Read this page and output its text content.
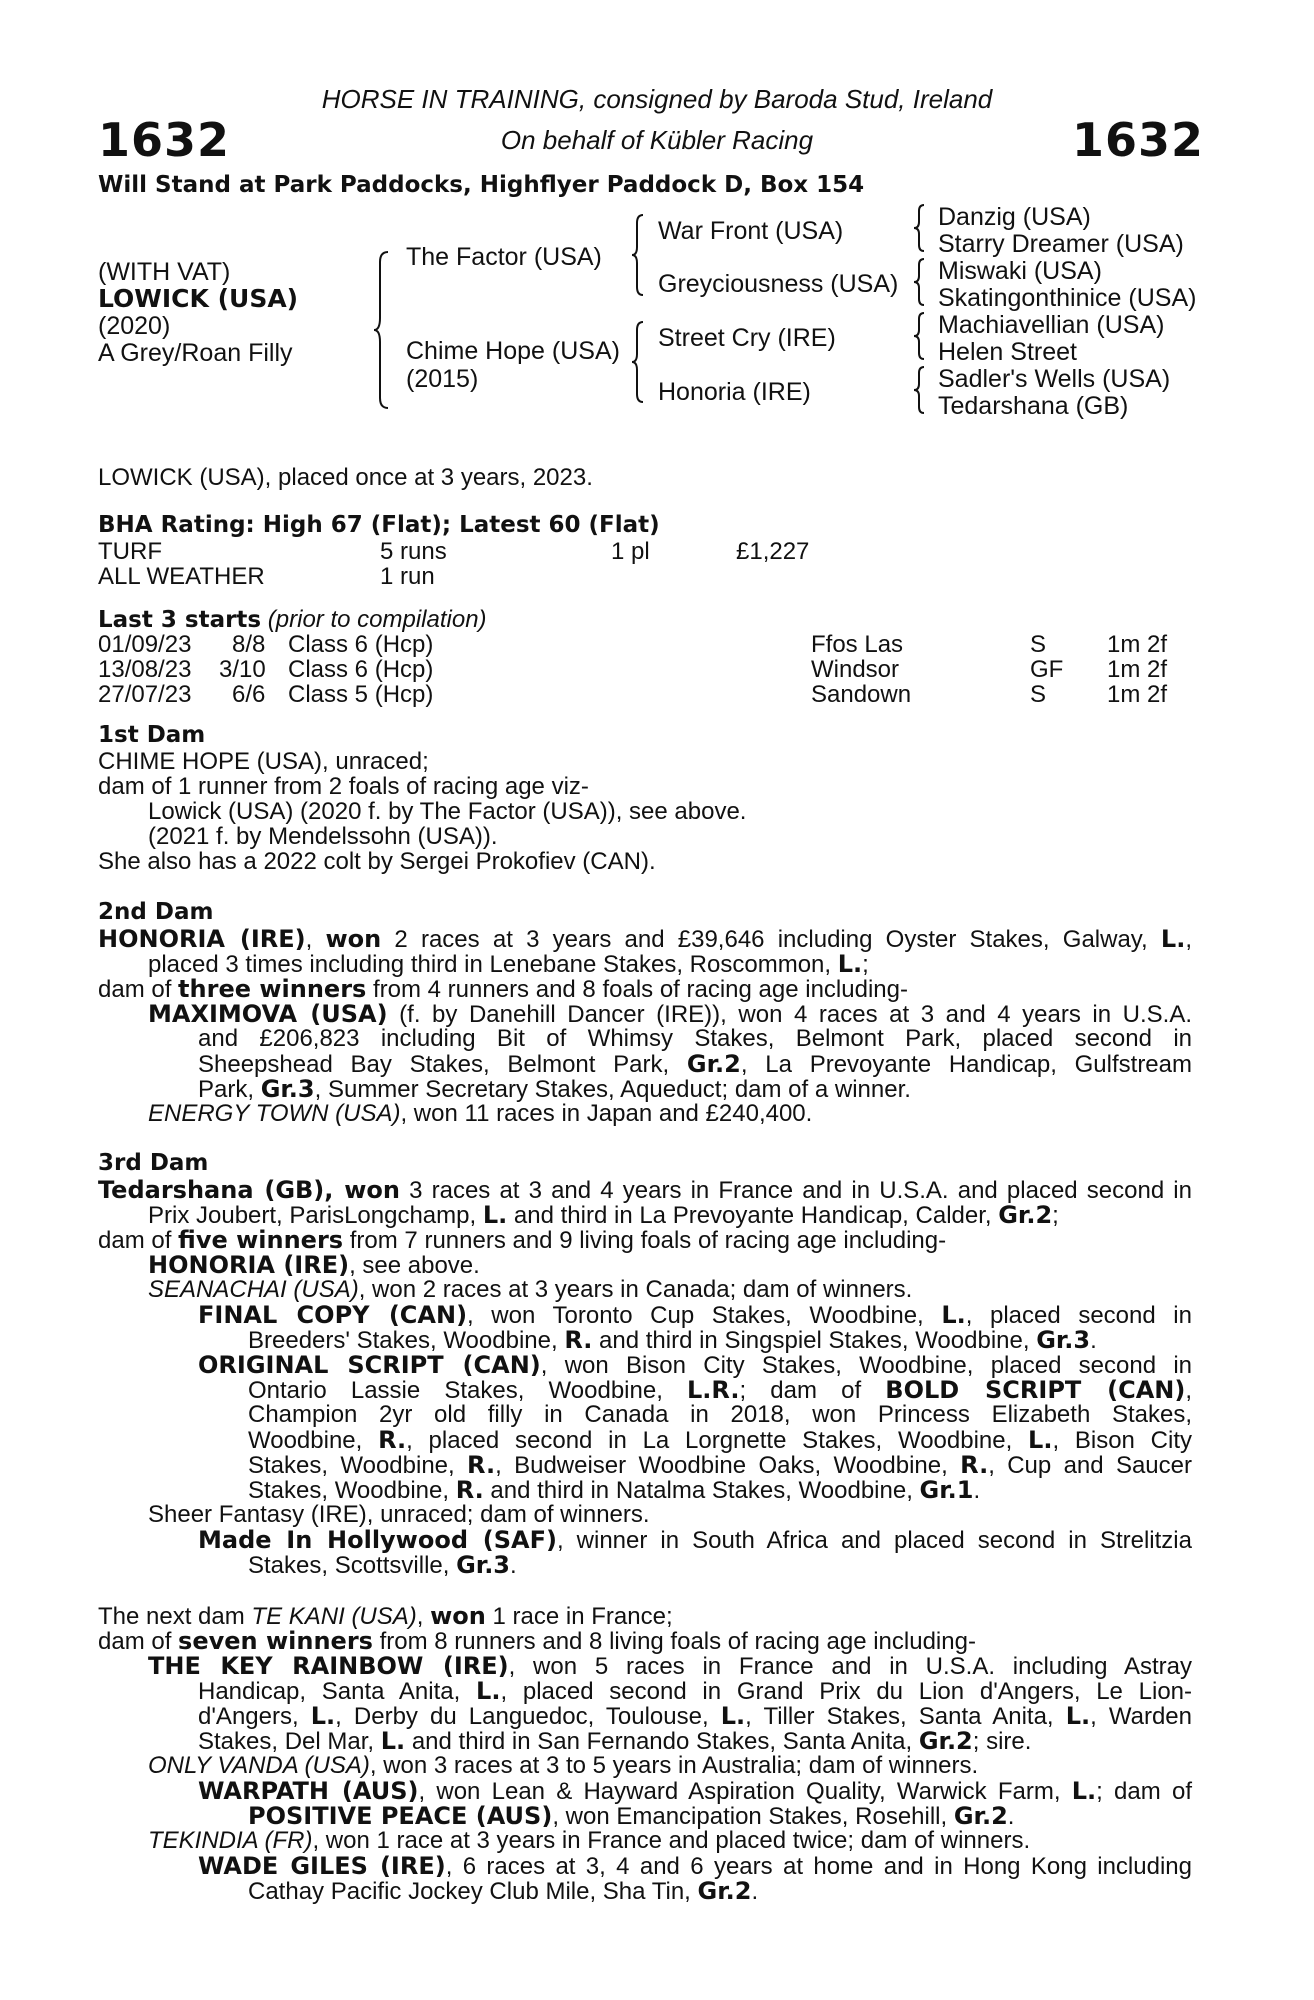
1632	1632
HORSE IN TRAINING, consigned by Baroda Stud, Ireland
On behalf of Kübler Racing
Will Stand at Park Paddocks, Highflyer Paddock D, Box 154
(WITH VAT)
LOWICK (USA)
(2020)
A Grey/Roan Filly
The Factor (USA)
Chime Hope (USA)
(2015)
War Front (USA)
Greyciousness (USA)
Street Cry (IRE)
Honoria (IRE)
Danzig (USA)
Starry Dreamer (USA)
Miswaki (USA)
Skatingonthinice (USA)
Machiavellian (USA)
Helen Street
Sadler's Wells (USA)
Tedarshana (GB)
LOWICK (USA), placed once at 3 years, 2023.
BHA Rating: High 67 (Flat); Latest 60 (Flat)
TURF	5 runs	1 pl	£1,227
ALL WEATHER	1 run
Last 3 starts (prior to compilation)
01/09/23 8/8 Class 6 (Hcp)	Ffos Las	S	1m 2f
13/08/23 3/10 Class 6 (Hcp)	Windsor	GF 1m 2f
27/07/23 6/6 Class 5 (Hcp)	Sandown	S	1m 2f
1st Dam
CHIME HOPE (USA), unraced;
dam of 1 runner from 2 foals of racing age viz-
Lowick (USA) (2020 f. by The Factor (USA)), see above.
(2021 f. by Mendelssohn (USA)).
She also has a 2022 colt by Sergei Prokofiev (CAN).
2nd Dam
HONORIA (IRE), won 2 races at 3 years and £39,646 including Oyster Stakes, Galway, L.,
placed 3 times including third in Lenebane Stakes, Roscommon, L.;
dam of three winners from 4 runners and 8 foals of racing age including-
MAXIMOVA (USA) (f. by Danehill Dancer (IRE)), won 4 races at 3 and 4 years in U.S.A.
and £206,823 including Bit of Whimsy Stakes, Belmont Park, placed second in
Sheepshead Bay Stakes, Belmont Park, Gr.2, La Prevoyante Handicap, Gulfstream
Park, Gr.3, Summer Secretary Stakes, Aqueduct; dam of a winner.
ENERGY TOWN (USA), won 11 races in Japan and £240,400.
3rd Dam
Tedarshana (GB), won 3 races at 3 and 4 years in France and in U.S.A. and placed second in
Prix Joubert, ParisLongchamp, L. and third in La Prevoyante Handicap, Calder, Gr.2;
dam of five winners from 7 runners and 9 living foals of racing age including-
HONORIA (IRE), see above.
SEANACHAI (USA), won 2 races at 3 years in Canada; dam of winners.
FINAL COPY (CAN), won Toronto Cup Stakes, Woodbine, L., placed second in
Breeders' Stakes, Woodbine, R. and third in Singspiel Stakes, Woodbine, Gr.3.
ORIGINAL SCRIPT (CAN), won Bison City Stakes, Woodbine, placed second in
Ontario Lassie Stakes, Woodbine, L.R.; dam of BOLD SCRIPT (CAN),
Champion 2yr old filly in Canada in 2018, won Princess Elizabeth Stakes,
Woodbine, R., placed second in La Lorgnette Stakes, Woodbine, L., Bison City
Stakes, Woodbine, R., Budweiser Woodbine Oaks, Woodbine, R., Cup and Saucer
Stakes, Woodbine, R. and third in Natalma Stakes, Woodbine, Gr.1.
Sheer Fantasy (IRE), unraced; dam of winners.
Made In Hollywood (SAF), winner in South Africa and placed second in Strelitzia
Stakes, Scottsville, Gr.3.
The next dam TE KANI (USA), won 1 race in France;
dam of seven winners from 8 runners and 8 living foals of racing age including-
THE KEY RAINBOW (IRE), won 5 races in France and in U.S.A. including Astray
Handicap, Santa Anita, L., placed second in Grand Prix du Lion d'Angers, Le Lion-
d'Angers, L., Derby du Languedoc, Toulouse, L., Tiller Stakes, Santa Anita, L., Warden
Stakes, Del Mar, L. and third in San Fernando Stakes, Santa Anita, Gr.2; sire.
ONLY VANDA (USA), won 3 races at 3 to 5 years in Australia; dam of winners.
WARPATH (AUS), won Lean & Hayward Aspiration Quality, Warwick Farm, L.; dam of
POSITIVE PEACE (AUS), won Emancipation Stakes, Rosehill, Gr.2.
TEKINDIA (FR), won 1 race at 3 years in France and placed twice; dam of winners.
WADE GILES (IRE), 6 races at 3, 4 and 6 years at home and in Hong Kong including
Cathay Pacific Jockey Club Mile, Sha Tin, Gr.2.
